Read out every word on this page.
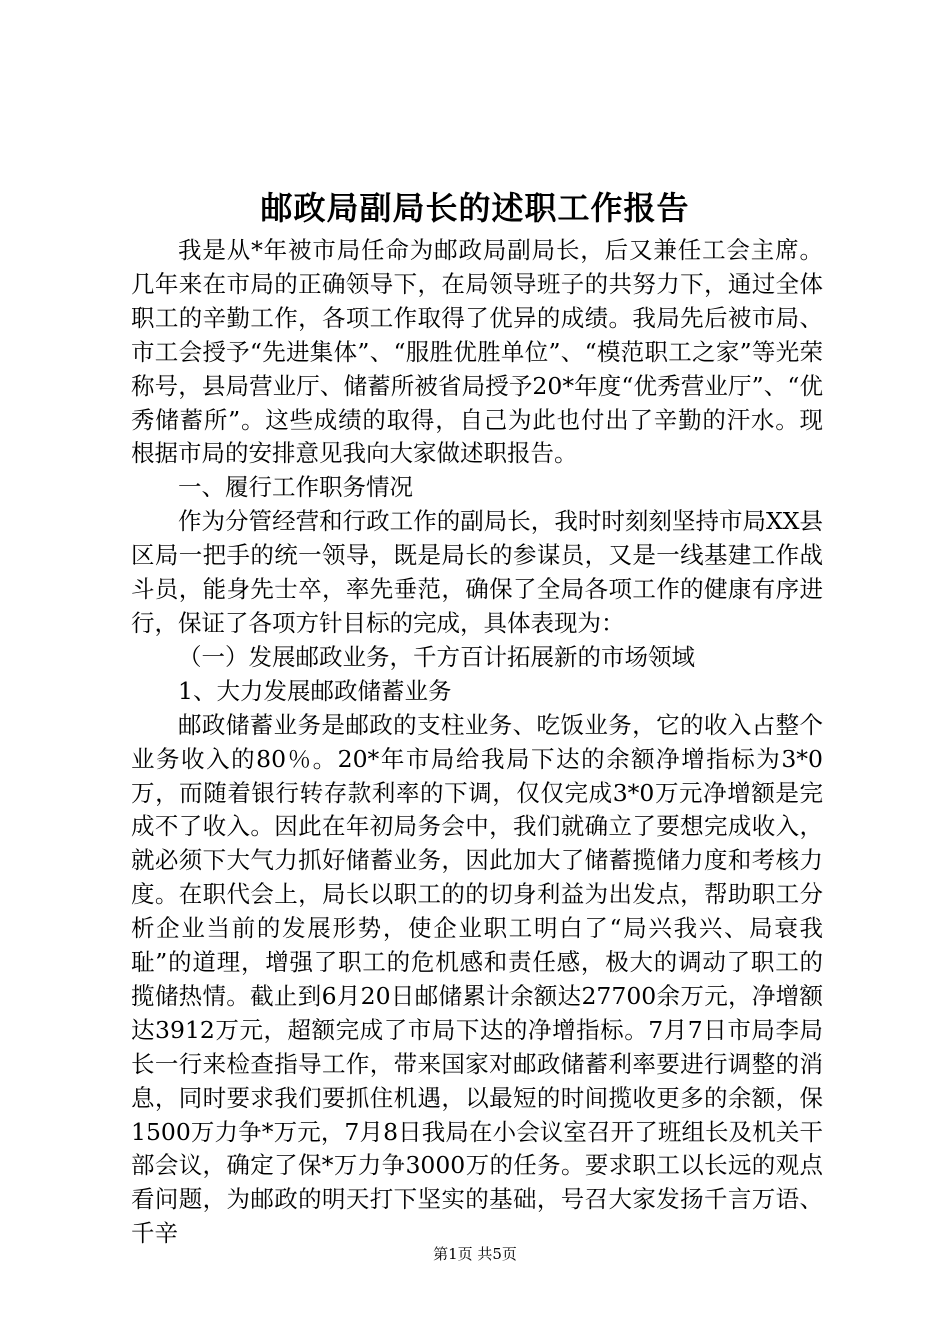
邮政局副局长的述职工作报告

我是从*年被市局任命为邮政局副局长，后又兼任工会主席。几年来在市局的正确领导下，在局领导班子的共努力下，通过全体职工的辛勤工作，各项工作取得了优异的成绩。我局先后被市局、市工会授予“先进集体”、“服胜优胜单位”、“模范职工之家”等光荣称号，县局营业厅、储蓄所被省局授予20*年度“优秀营业厅”、“优秀储蓄所”。这些成绩的取得，自己为此也付出了辛勤的汗水。现根据市局的安排意见我向大家做述职报告。

一、履行工作职务情况

作为分管经营和行政工作的副局长，我时时刻刻坚持市局XX县区局一把手的统一领导，既是局长的参谋员，又是一线基建工作战斗员，能身先士卒，率先垂范，确保了全局各项工作的健康有序进行，保证了各项方针目标的完成，具体表现为：

（一）发展邮政业务，千方百计拓展新的市场领域

1、大力发展邮政储蓄业务

邮政储蓄业务是邮政的支柱业务、吃饭业务，它的收入占整个业务收入的80％。20*年市局给我局下达的余额净增指标为3*0万，而随着银行转存款利率的下调，仅仅完成3*0万元净增额是完成不了收入。因此在年初局务会中，我们就确立了要想完成收入，就必须下大气力抓好储蓄业务，因此加大了储蓄揽储力度和考核力度。在职代会上，局长以职工的的切身利益为出发点，帮助职工分析企业当前的发展形势，使企业职工明白了“局兴我兴、局衰我耻”的道理，增强了职工的危机感和责任感，极大的调动了职工的揽储热情。截止到6月20日邮储累计余额达27700余万元，净增额达3912万元，超额完成了市局下达的净增指标。7月7日市局李局长一行来检查指导工作，带来国家对邮政储蓄利率要进行调整的消息，同时要求我们要抓住机遇，以最短的时间揽收更多的余额，保1500万力争*万元，7月8日我局在小会议室召开了班组长及机关干部会议，确定了保*万力争3000万的任务。要求职工以长远的观点看问题，为邮政的明天打下坚实的基础，号召大家发扬千言万语、千辛

第1页 共5页
